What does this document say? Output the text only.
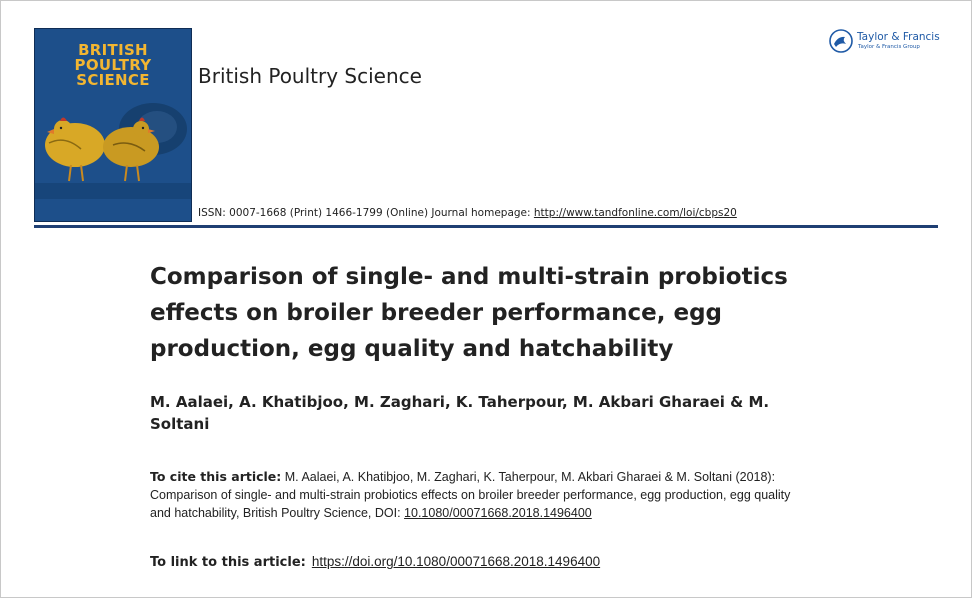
BRITISH
POULTRY
SCIENCE	British Poultry Science
Taylor & Francis
Taylor & Francis Group
ISSN: 0007-1668 (Print) 1466-1799 (Online) Journal homepage: http://www.tandfonline.com/loi/cbps20
Comparison of single- and multi-strain probiotics effects on broiler breeder performance, egg production, egg quality and hatchability
M. Aalaei, A. Khatibjoo, M. Zaghari, K. Taherpour, M. Akbari Gharaei & M. Soltani
To cite this article: M. Aalaei, A. Khatibjoo, M. Zaghari, K. Taherpour, M. Akbari Gharaei & M. Soltani (2018): Comparison of single- and multi-strain probiotics effects on broiler breeder performance, egg production, egg quality and hatchability, British Poultry Science, DOI: 10.1080/00071668.2018.1496400
To link to this article: https://doi.org/10.1080/00071668.2018.1496400
